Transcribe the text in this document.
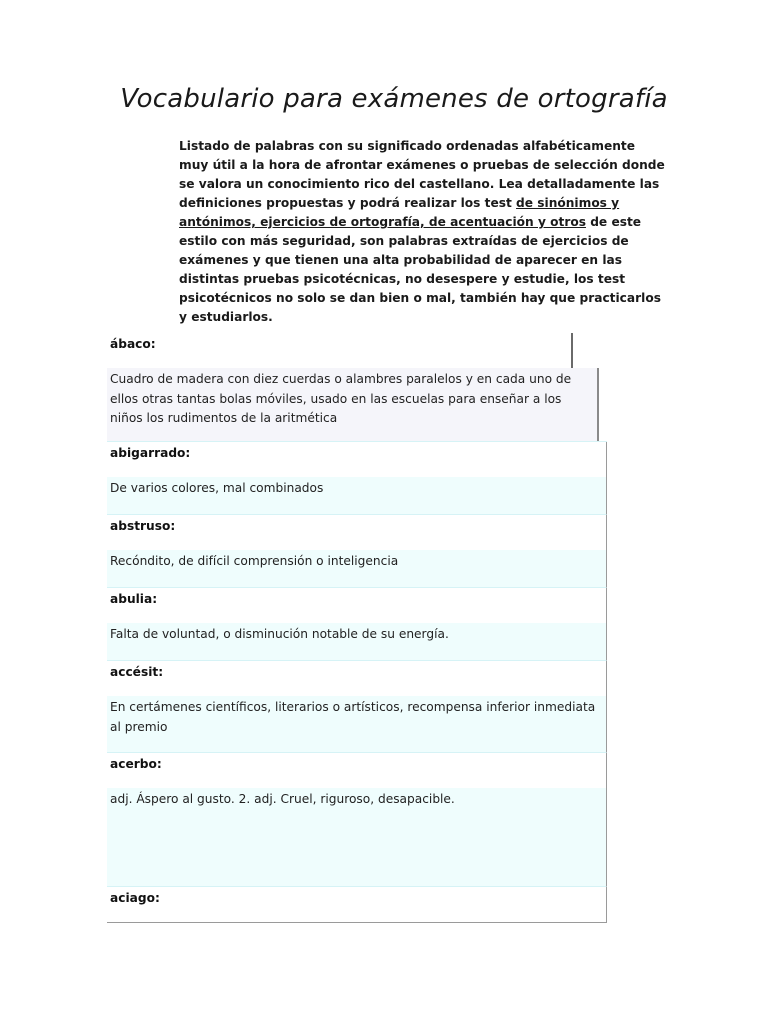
Vocabulario para exámenes de ortografía
Listado de palabras con su significado ordenadas alfabéticamente muy útil a la hora de afrontar exámenes o pruebas de selección donde se valora un conocimiento rico del castellano. Lea detalladamente las definiciones propuestas y podrá realizar los test de sinónimos y antónimos, ejercicios de ortografía, de acentuación y otros de este estilo con más seguridad, son palabras extraídas de ejercicios de exámenes y que tienen una alta probabilidad de aparecer en las distintas pruebas psicotécnicas, no desespere y estudie, los test psicotécnicos no solo se dan bien o mal, también hay que practicarlos y estudiarlos.
ábaco:
Cuadro de madera con diez cuerdas o alambres paralelos y en cada uno de ellos otras tantas bolas móviles, usado en las escuelas para enseñar a los niños los rudimentos de la aritmética
abigarrado:
De varios colores, mal combinados
abstruso:
Recóndito, de difícil comprensión o inteligencia
abulia:
Falta de voluntad, o disminución notable de su energía.
accésit:
En certámenes científicos, literarios o artísticos, recompensa inferior inmediata al premio
acerbo:
adj. Áspero al gusto. 2. adj. Cruel, riguroso, desapacible.
aciago:
